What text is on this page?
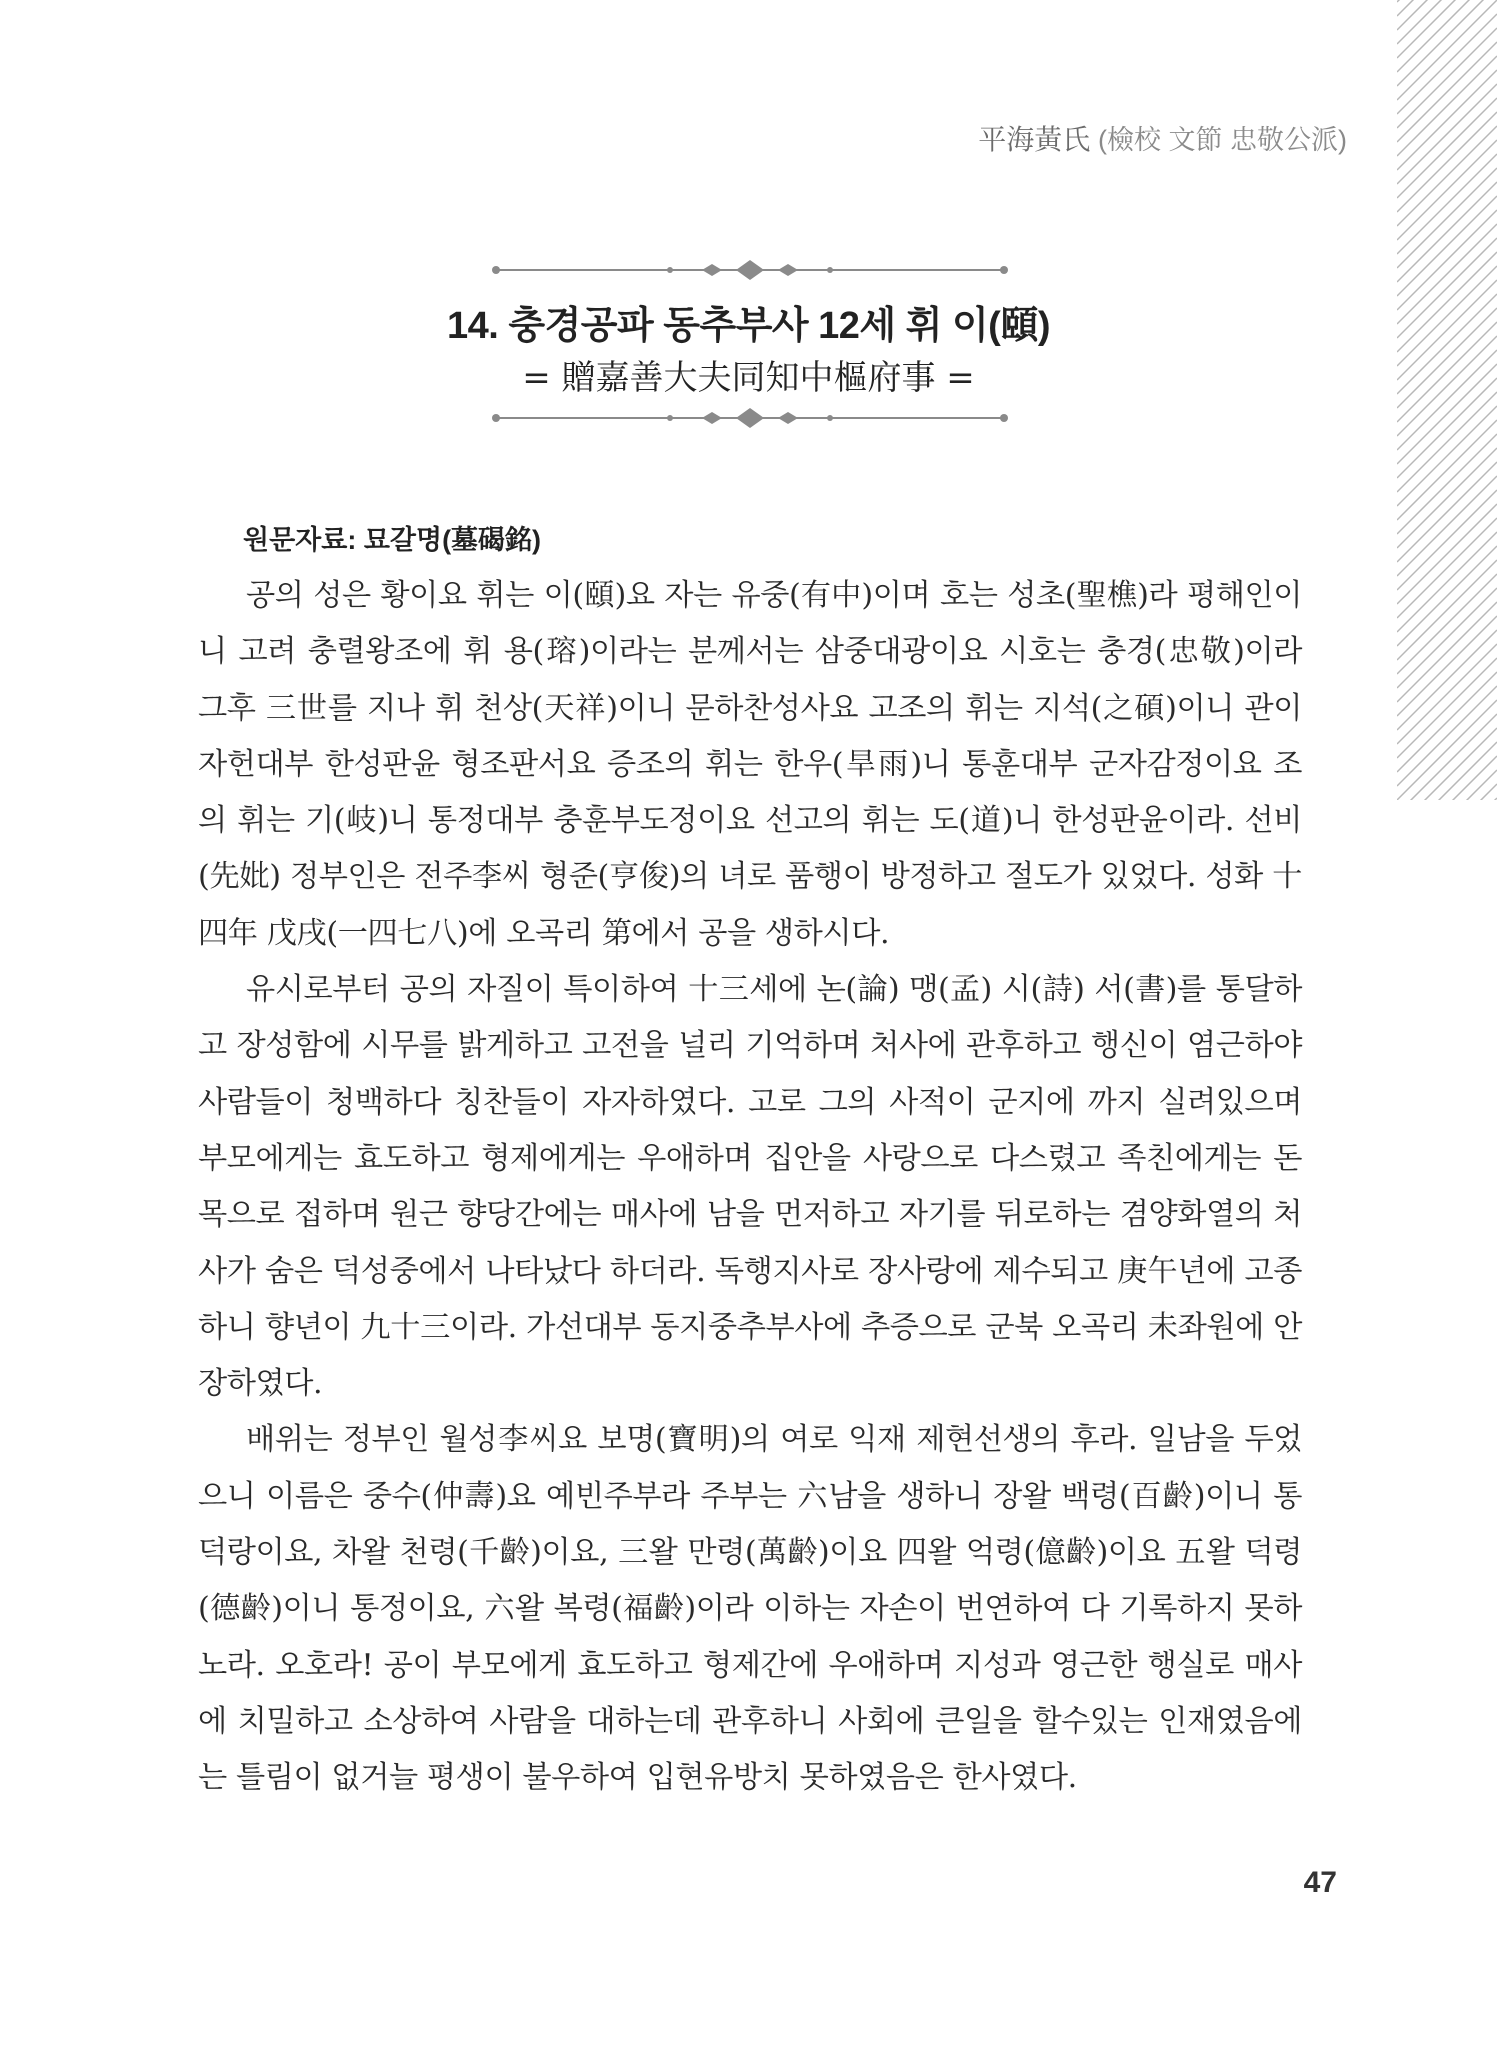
平海黃氏 (檢校 文節 忠敬公派)
14. 충경공파 동추부사 12세 휘 이(頤)
= 贈嘉善大夫同知中樞府事 =
원문자료: 묘갈명(墓碣銘)

공의 성은 황이요 휘는 이(頤)요 자는 유중(有中)이며 호는 성초(聖樵)라 평해인이니 고려 충렬왕조에 휘 용(瑢)이라는 분께서는 삼중대광이요 시호는 충경(忠敬)이라 그후 三世를 지나 휘 천상(天祥)이니 문하찬성사요 고조의 휘는 지석(之碩)이니 관이 자헌대부 한성판윤 형조판서요 증조의 휘는 한우(旱雨)니 통훈대부 군자감정이요 조의 휘는 기(岐)니 통정대부 충훈부도정이요 선고의 휘는 도(道)니 한성판윤이라. 선비(先妣) 정부인은 전주李씨 형준(亨俊)의 녀로 품행이 방정하고 절도가 있었다. 성화 十四年 戊戌(一四七八)에 오곡리 第에서 공을 생하시다.

유시로부터 공의 자질이 특이하여 十三세에 논(論) 맹(孟) 시(詩) 서(書)를 통달하고 장성함에 시무를 밝게하고 고전을 널리 기억하며 처사에 관후하고 행신이 염근하야 사람들이 청백하다 칭찬들이 자자하였다. 고로 그의 사적이 군지에 까지 실려있으며 부모에게는 효도하고 형제에게는 우애하며 집안을 사랑으로 다스렸고 족친에게는 돈목으로 접하며 원근 향당간에는 매사에 남을 먼저하고 자기를 뒤로하는 겸양화열의 처사가 숨은 덕성중에서 나타났다 하더라. 독행지사로 장사랑에 제수되고 庚午년에 고종하니 향년이 九十三이라. 가선대부 동지중추부사에 추증으로 군북 오곡리 未좌원에 안장하였다.

배위는 정부인 월성李씨요 보명(寶明)의 여로 익재 제현선생의 후라. 일남을 두었으니 이름은 중수(仲壽)요 예빈주부라 주부는 六남을 생하니 장왈 백령(百齡)이니 통덕랑이요, 차왈 천령(千齡)이요, 三왈 만령(萬齡)이요 四왈 억령(億齡)이요 五왈 덕령(德齡)이니 통정이요, 六왈 복령(福齡)이라 이하는 자손이 번연하여 다 기록하지 못하노라. 오호라! 공이 부모에게 효도하고 형제간에 우애하며 지성과 영근한 행실로 매사에 치밀하고 소상하여 사람을 대하는데 관후하니 사회에 큰일을 할수있는 인재였음에는 틀림이 없거늘 평생이 불우하여 입현유방치 못하였음은 한사였다.

47
